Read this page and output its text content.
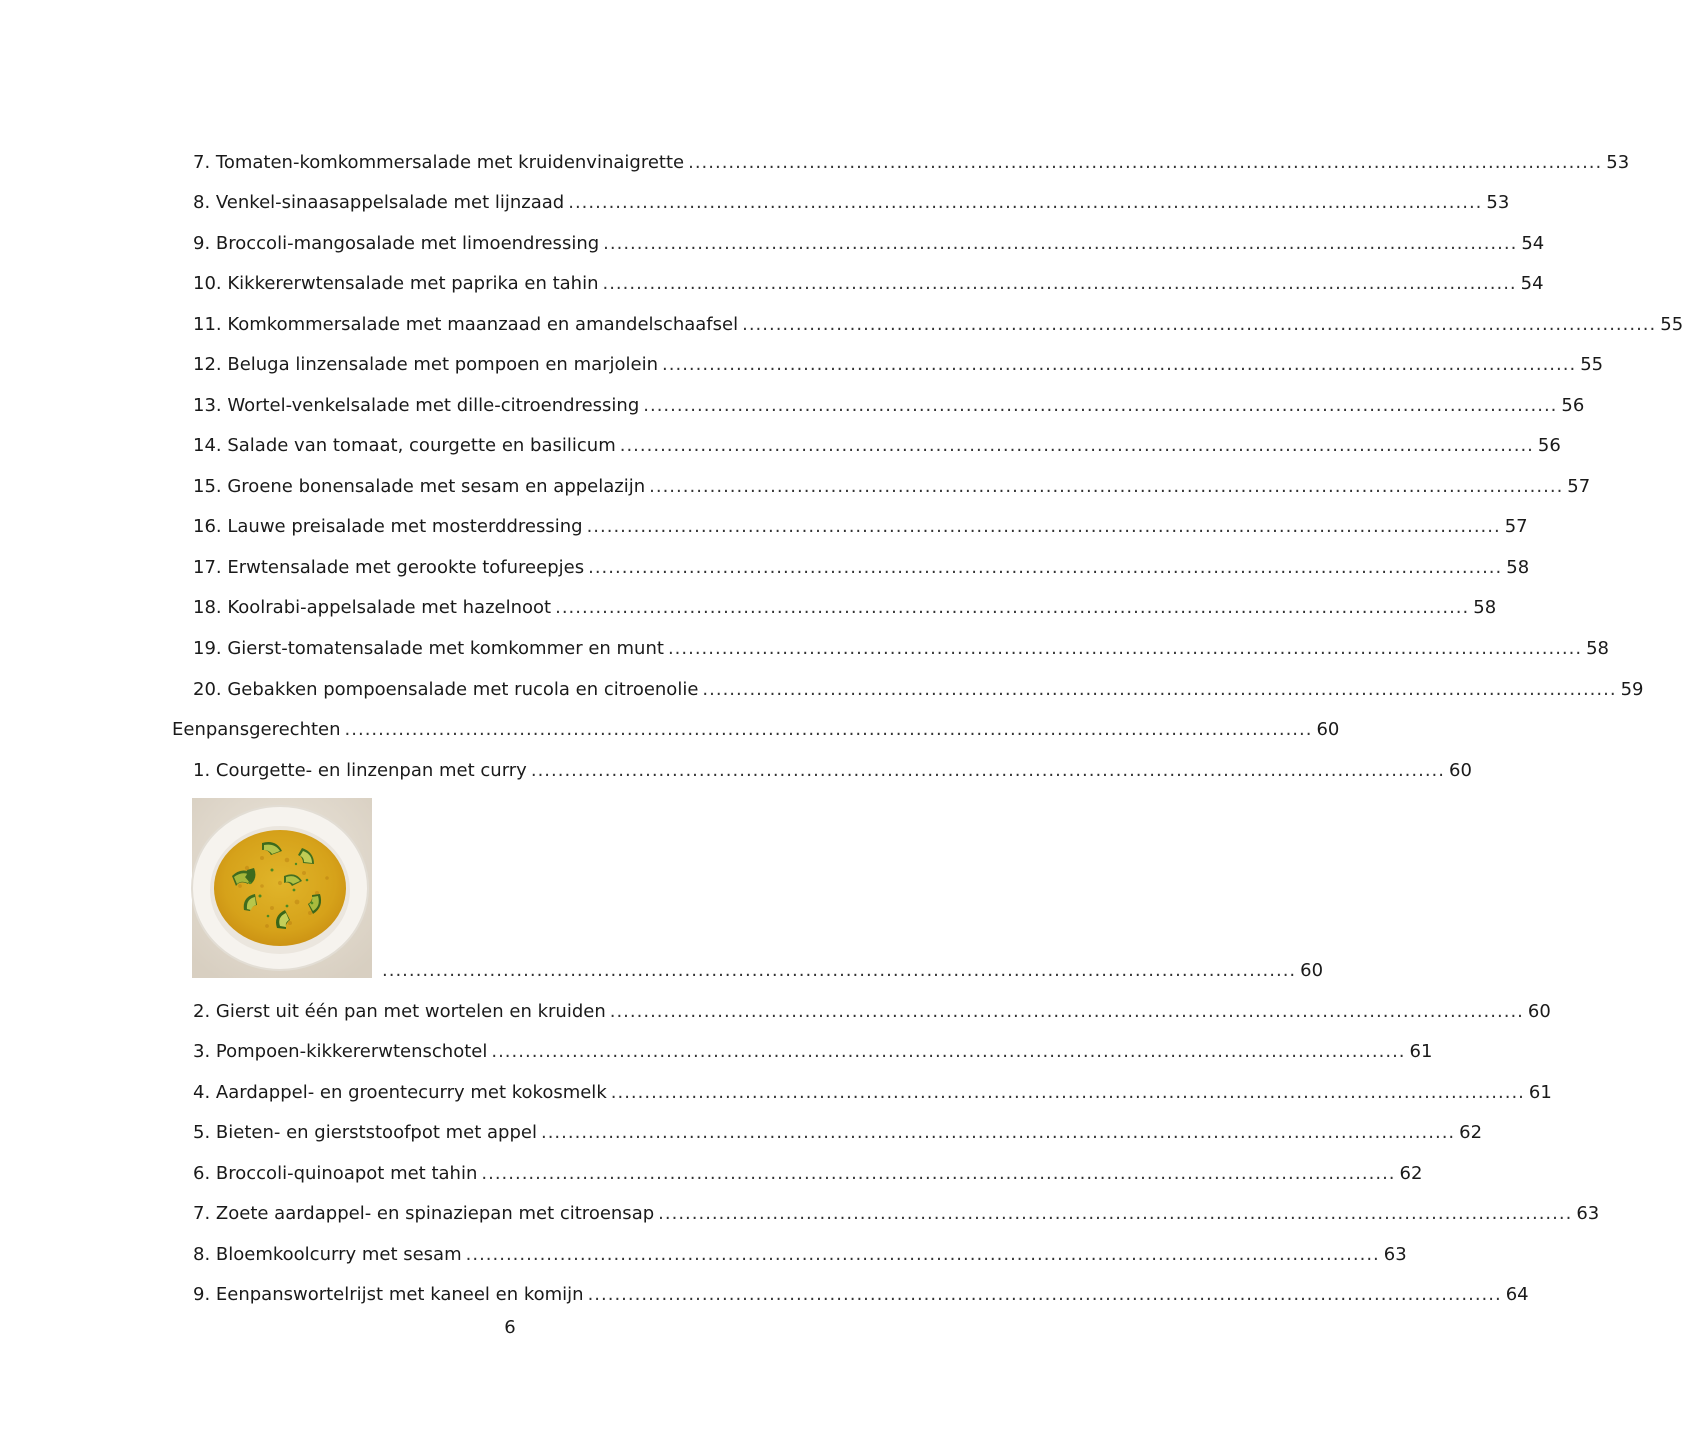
7. Tomaten-komkommersalade met kruidenvinaigrette ........................................................................................................................................ 53
8. Venkel-sinaasappelsalade met lijnzaad ........................................................................................................................................ 53
9. Broccoli-mangosalade met limoendressing ........................................................................................................................................ 54
10. Kikkererwtensalade met paprika en tahin ........................................................................................................................................ 54
11. Komkommersalade met maanzaad en amandelschaafsel ........................................................................................................................................ 55
12. Beluga linzensalade met pompoen en marjolein ........................................................................................................................................ 55
13. Wortel-venkelsalade met dille-citroendressing ........................................................................................................................................ 56
14. Salade van tomaat, courgette en basilicum ........................................................................................................................................ 56
15. Groene bonensalade met sesam en appelazijn ........................................................................................................................................ 57
16. Lauwe preisalade met mosterddressing ........................................................................................................................................ 57
17. Erwtensalade met gerookte tofureepjes ........................................................................................................................................ 58
18. Koolrabi-appelsalade met hazelnoot ........................................................................................................................................ 58
19. Gierst-tomatensalade met komkommer en munt ........................................................................................................................................ 58
20. Gebakken pompoensalade met rucola en citroenolie ........................................................................................................................................ 59
Eenpansgerechten ................................................................................................................................................ 60
1. Courgette- en linzenpan met curry ........................................................................................................................................ 60
........................................................................................................................................ 60
2. Gierst uit één pan met wortelen en kruiden ........................................................................................................................................ 60
3. Pompoen-kikkererwtenschotel ........................................................................................................................................ 61
4. Aardappel- en groentecurry met kokosmelk ........................................................................................................................................ 61
5. Bieten- en gierststoofpot met appel ........................................................................................................................................ 62
6. Broccoli-quinoapot met tahin ........................................................................................................................................ 62
7. Zoete aardappel- en spinaziepan met citroensap ........................................................................................................................................ 63
8. Bloemkoolcurry met sesam ........................................................................................................................................ 63
9. Eenpanswortelrijst met kaneel en komijn ........................................................................................................................................ 64
6
